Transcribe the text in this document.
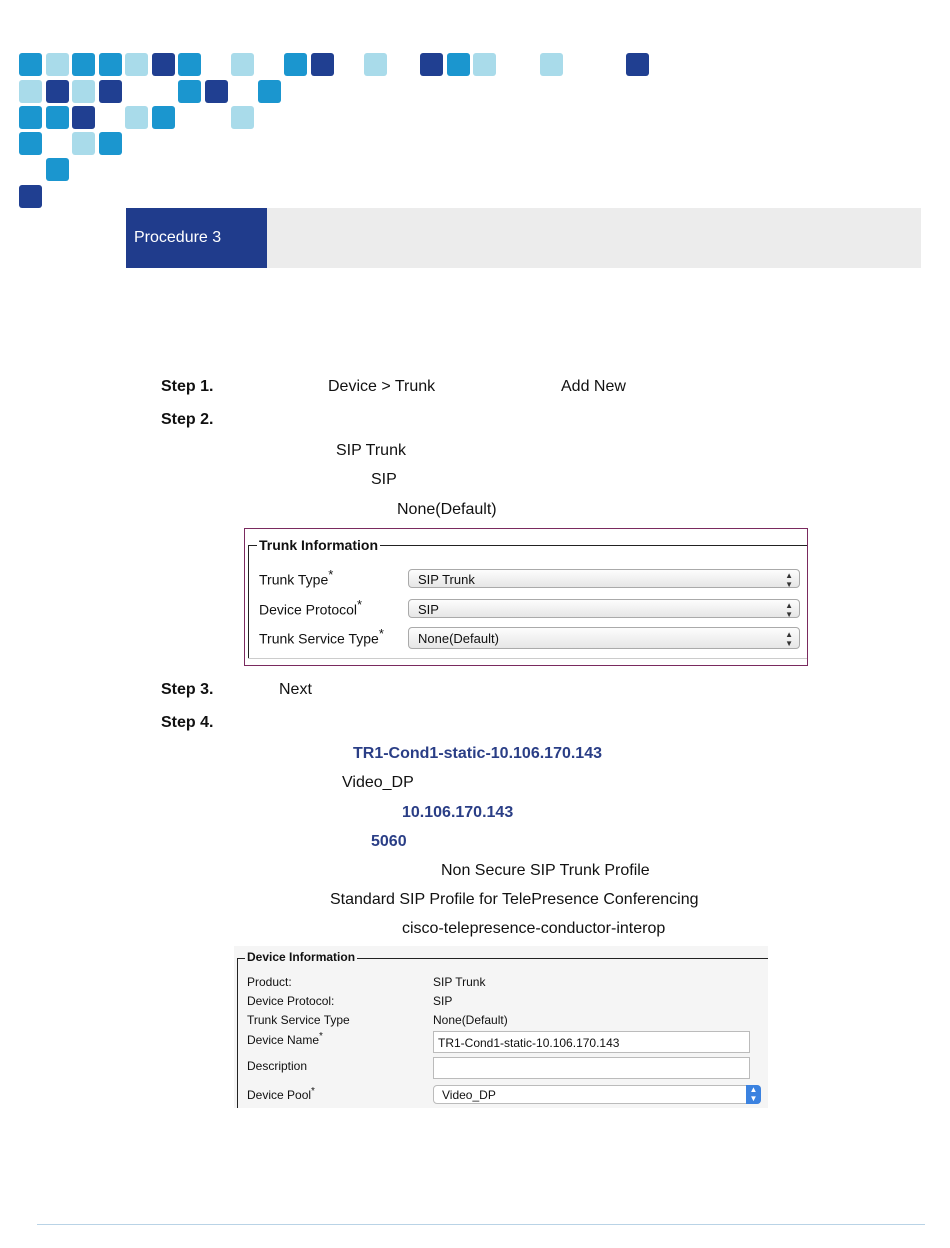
Procedure 3
Step 1.	Device > Trunk	Add New
Step 2.
SIP Trunk
SIP
None(Default)
Trunk Information
Trunk Type*	SIP Trunk	▲
▼
Device Protocol*	SIP	▲
▼
Trunk Service Type*	None(Default)	▲
▼
Step 3.	Next
Step 4.
TR1-Cond1-static-10.106.170.143
Video_DP
10.106.170.143
5060
Non Secure SIP Trunk Profile
Standard SIP Profile for TelePresence Conferencing
cisco-telepresence-conductor-interop
Device Information
Product:	SIP Trunk
Device Protocol:	SIP
Trunk Service Type	None(Default)
Device Name*	TR1-Cond1-static-10.106.170.143
Description
Device Pool*	Video_DP	▲
▼
